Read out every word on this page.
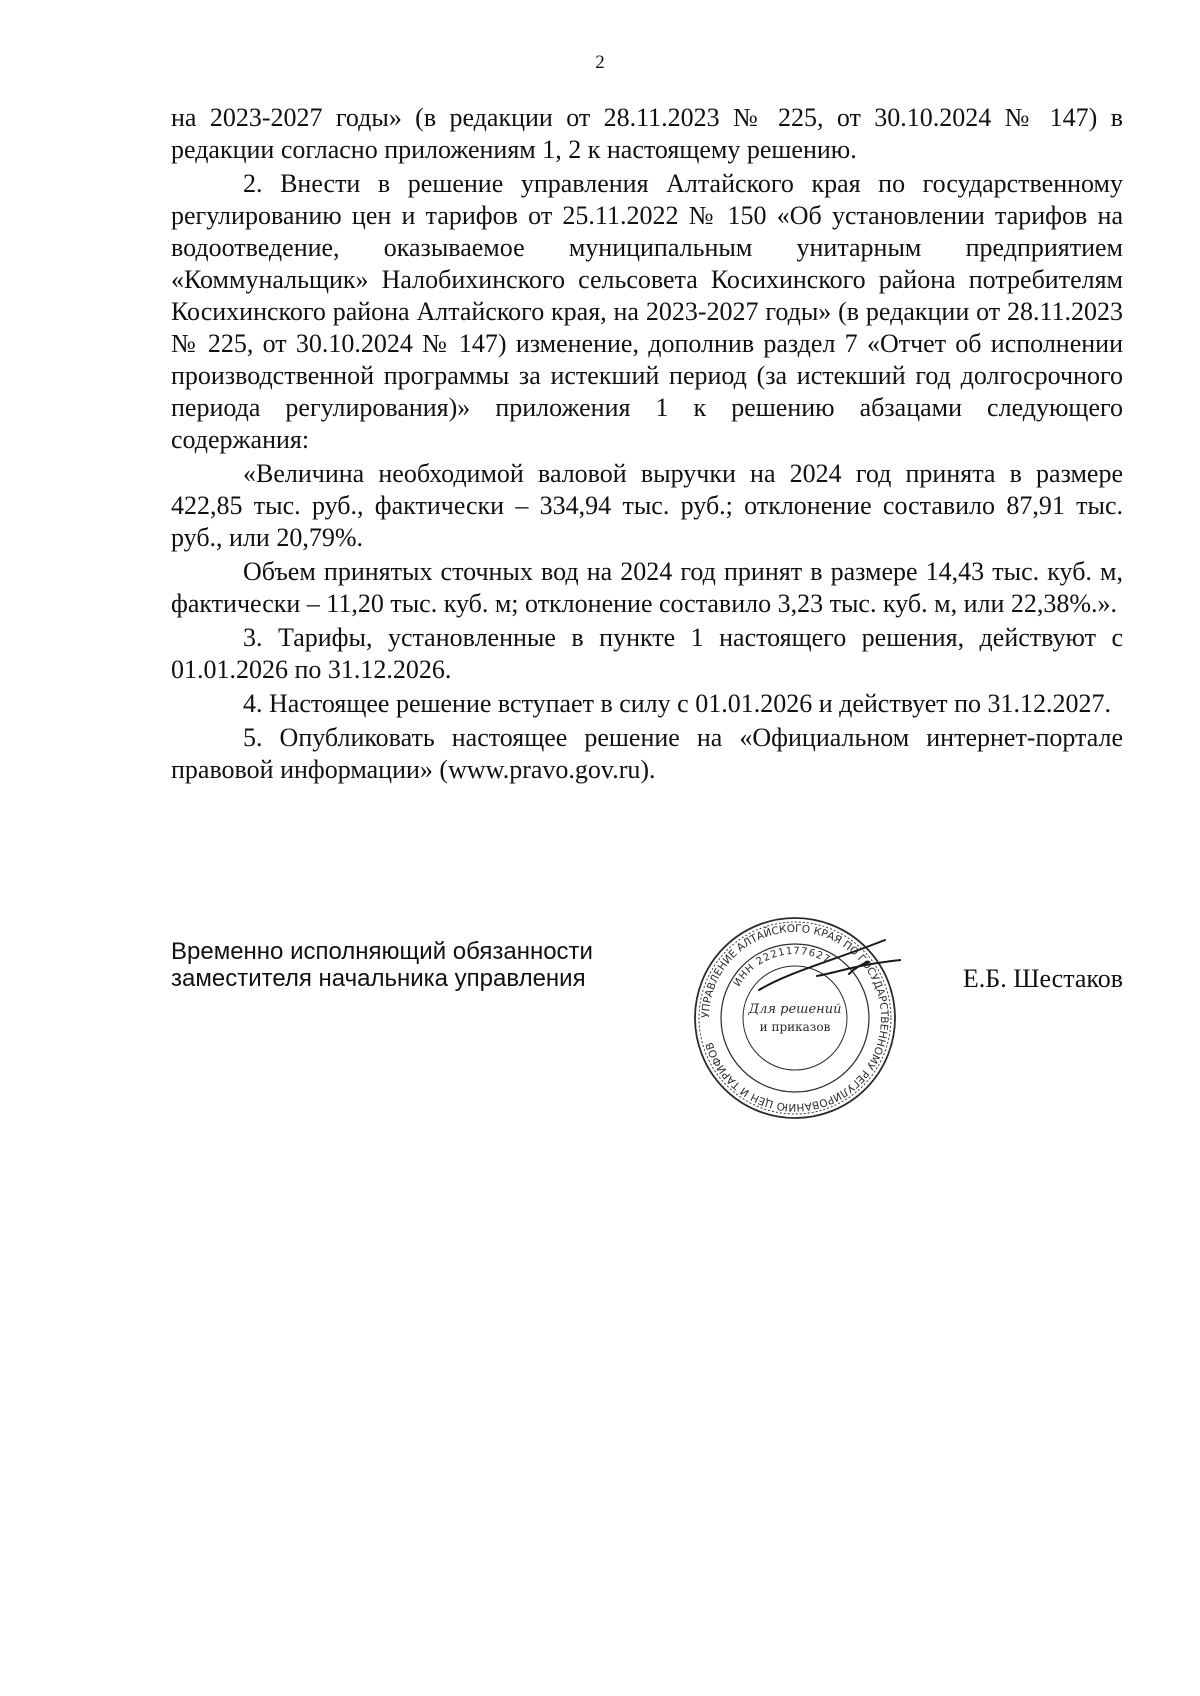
2

на 2023-2027 годы» (в редакции от 28.11.2023 № 225, от 30.10.2024 № 147) в редакции согласно приложениям 1, 2 к настоящему решению.

2. Внести в решение управления Алтайского края по государственному регулированию цен и тарифов от 25.11.2022 № 150 «Об установлении тарифов на водоотведение, оказываемое муниципальным унитарным предприятием «Коммунальщик» Налобихинского сельсовета Косихинского района потребителям Косихинского района Алтайского края, на 2023-2027 годы» (в редакции от 28.11.2023 № 225, от 30.10.2024 № 147) изменение, дополнив раздел 7 «Отчет об исполнении производственной программы за истекший период (за истекший год долгосрочного периода регулирования)» приложения 1 к решению абзацами следующего содержания:

«Величина необходимой валовой выручки на 2024 год принята в размере 422,85 тыс. руб., фактически – 334,94 тыс. руб.; отклонение составило 87,91 тыс. руб., или 20,79%.

Объем принятых сточных вод на 2024 год принят в размере 14,43 тыс. куб. м, фактически – 11,20 тыс. куб. м; отклонение составило 3,23 тыс. куб. м, или 22,38%.».

3. Тарифы, установленные в пункте 1 настоящего решения, действуют с 01.01.2026 по 31.12.2026.

4. Настоящее решение вступает в силу с 01.01.2026 и действует по 31.12.2027.

5. Опубликовать настоящее решение на «Официальном интернет-портале правовой информации» (www.pravo.gov.ru).

Временно исполняющий обязанности
заместителя начальника управления
УПРАВЛЕНИЕ АЛТАЙСКОГО КРАЯ ПО ГОСУДАРСТВЕННОМУ РЕГУЛИРОВАНИЮ ЦЕН И ТАРИФОВ
ИНН 2221177627
Для решений
и приказов
Е.Б. Шестаков
